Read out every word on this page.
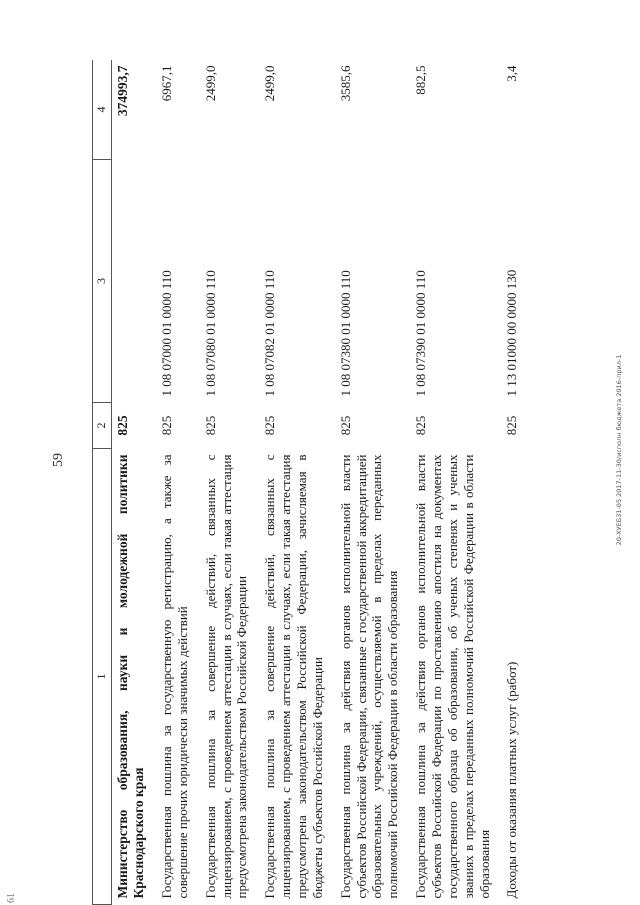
59
61
20-ХУЕБ31-05 2017-11-30/исполн бюджета 2016-прил-1
1	2	3	4
Министерство образования, науки и молодежной политики Краснодарского края	825		374993,7
Государственная пошлина за государственную регистрацию, а также за совершение прочих юридически значимых действий	825	1 08 07000 01 0000 110	6967,1
Государственная пошлина за совершение действий, связанных с лицензированием, с проведением аттестации в случаях, если такая аттестация предусмотрена законодательством Российской Федерации	825	1 08 07080 01 0000 110	2499,0
Государственная пошлина за совершение действий, связанных с лицензированием, с проведением аттестации в случаях, если такая аттестация предусмотрена законодательством Российской Федерации, зачисляемая в бюджеты субъектов Российской Федерации	825	1 08 07082 01 0000 110	2499,0
Государственная пошлина за действия органов исполнительной власти субъектов Российской Федерации, связанные с государственной аккредитацией образовательных учреждений, осуществляемой в пределах переданных полномочий Российской Федерации в области образования	825	1 08 07380 01 0000 110	3585,6
Государственная пошлина за действия органов исполнительной власти субъектов Российской Федерации по проставлению апостиля на документах государственного образца об образовании, об ученых степенях и ученых званиях в пределах переданных полномочий Российской Федерации в области образования	825	1 08 07390 01 0000 110	882,5
Доходы от оказания платных услуг (работ)	825	1 13 01000 00 0000 130	3,4
